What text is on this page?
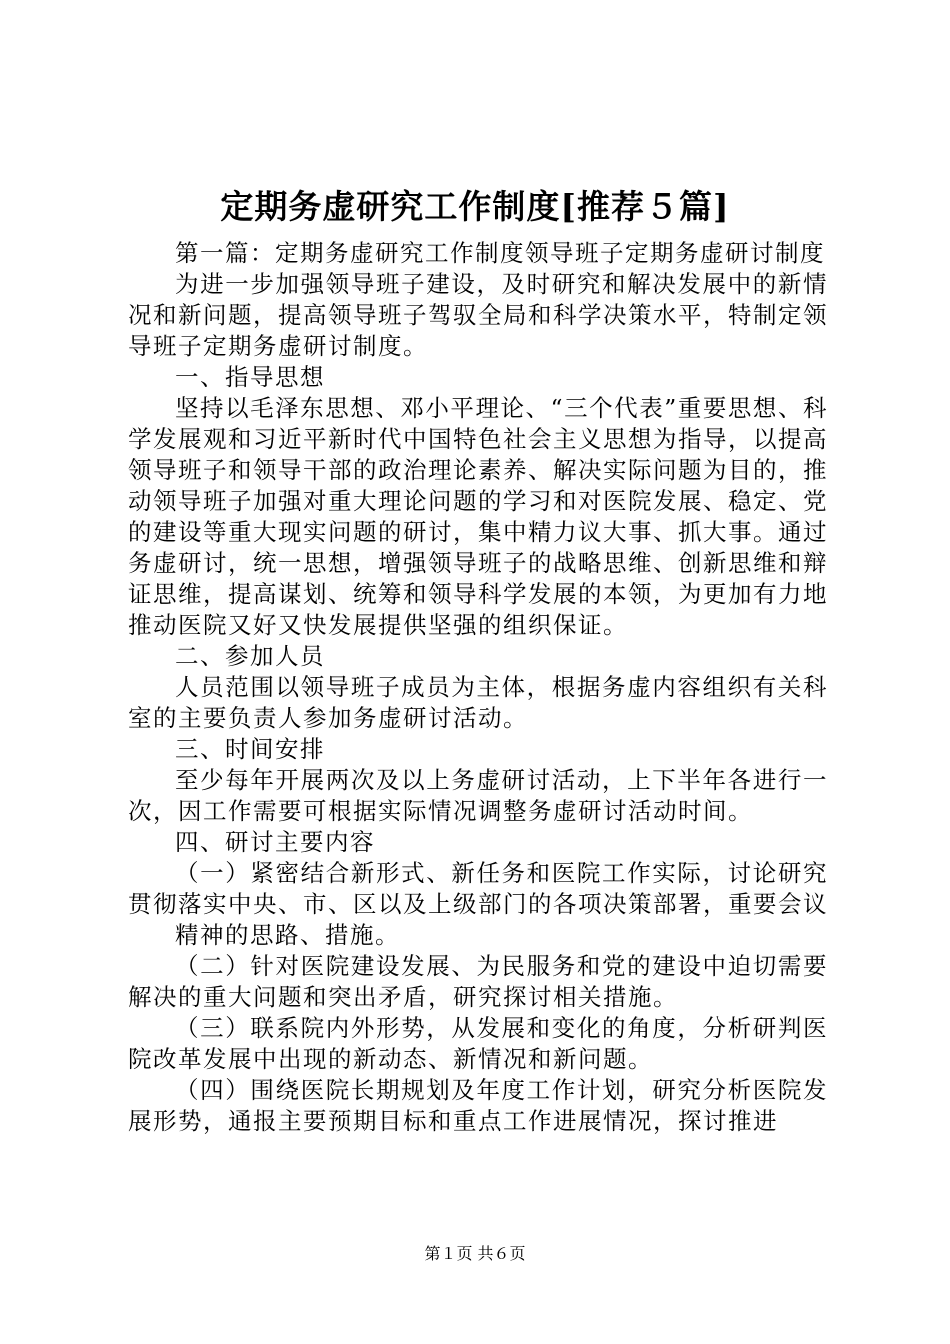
定期务虚研究工作制度[推荐５篇]

第一篇：定期务虚研究工作制度领导班子定期务虚研讨制度

为进一步加强领导班子建设，及时研究和解决发展中的新情况和新问题，提高领导班子驾驭全局和科学决策水平，特制定领导班子定期务虚研讨制度。

一、指导思想

坚持以毛泽东思想、邓小平理论、“三个代表”重要思想、科学发展观和习近平新时代中国特色社会主义思想为指导，以提高领导班子和领导干部的政治理论素养、解决实际问题为目的，推动领导班子加强对重大理论问题的学习和对医院发展、稳定、党的建设等重大现实问题的研讨，集中精力议大事、抓大事。通过务虚研讨，统一思想，增强领导班子的战略思维、创新思维和辩证思维，提高谋划、统筹和领导科学发展的本领，为更加有力地推动医院又好又快发展提供坚强的组织保证。

二、参加人员

人员范围以领导班子成员为主体，根据务虚内容组织有关科室的主要负责人参加务虚研讨活动。

三、时间安排

至少每年开展两次及以上务虚研讨活动，上下半年各进行一次，因工作需要可根据实际情况调整务虚研讨活动时间。

四、研讨主要内容

（一）紧密结合新形式、新任务和医院工作实际，讨论研究贯彻落实中央、市、区以及上级部门的各项决策部署，重要会议

精神的思路、措施。

（二）针对医院建设发展、为民服务和党的建设中迫切需要解决的重大问题和突出矛盾，研究探讨相关措施。

（三）联系院内外形势，从发展和变化的角度，分析研判医院改革发展中出现的新动态、新情况和新问题。

（四）围绕医院长期规划及年度工作计划，研究分析医院发展形势，通报主要预期目标和重点工作进展情况，探讨推进

第１页 共６页
